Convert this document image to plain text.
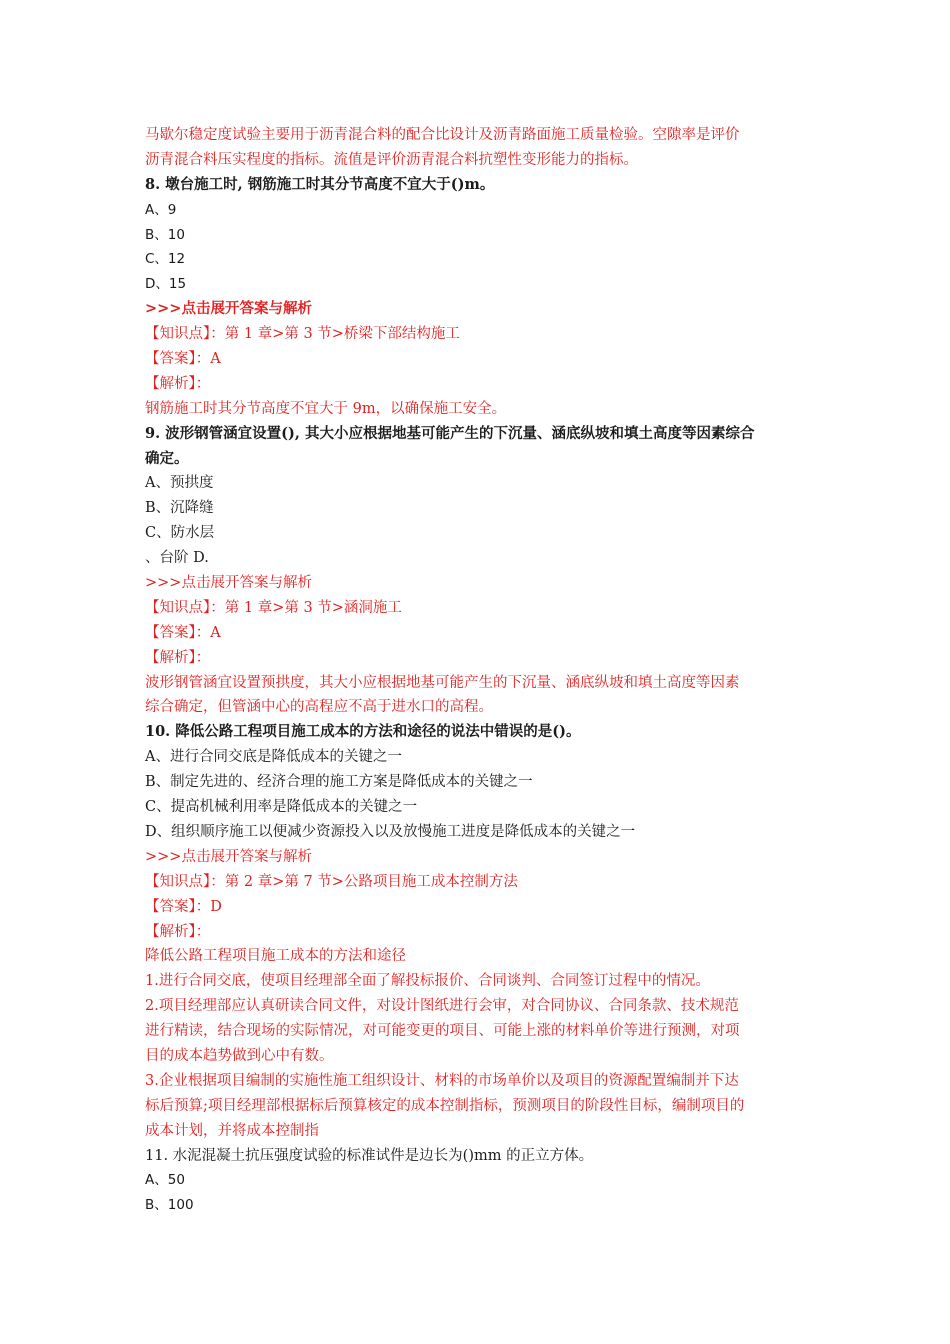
马歇尔稳定度试验主要用于沥青混合料的配合比设计及沥青路面施工质量检验。空隙率是评价
沥青混合料压实程度的指标。流值是评价沥青混合料抗塑性变形能力的指标。
8. 墩台施工时, 钢筋施工时其分节高度不宜大于()m。
A、9
B、10
C、12
D、15
>>>点击展开答案与解析
【知识点】：第 1 章>第 3 节>桥梁下部结构施工
【答案】：A
【解析】：
钢筋施工时其分节高度不宜大于 9m，以确保施工安全。
9. 波形钢管涵宜设置(), 其大小应根据地基可能产生的下沉量、涵底纵坡和填土高度等因素综合
确定。
A、预拱度
B、沉降缝
C、防水层
、台阶 D.
>>>点击展开答案与解析
【知识点】：第 1 章>第 3 节>涵洞施工
【答案】：A
【解析】：
波形钢管涵宜设置预拱度，其大小应根据地基可能产生的下沉量、涵底纵坡和填土高度等因素
综合确定，但管涵中心的高程应不高于进水口的高程。
10. 降低公路工程项目施工成本的方法和途径的说法中错误的是()。
A、进行合同交底是降低成本的关键之一
B、制定先进的、经济合理的施工方案是降低成本的关键之一
C、提高机械利用率是降低成本的关键之一
D、组织顺序施工以便减少资源投入以及放慢施工进度是降低成本的关键之一
>>>点击展开答案与解析
【知识点】：第 2 章>第 7 节>公路项目施工成本控制方法
【答案】：D
【解析】：
降低公路工程项目施工成本的方法和途径
1.进行合同交底，使项目经理部全面了解投标报价、合同谈判、合同签订过程中的情况。
2.项目经理部应认真研读合同文件，对设计图纸进行会审，对合同协议、合同条款、技术规范
进行精读，结合现场的实际情况，对可能变更的项目、可能上涨的材料单价等进行预测，对项
目的成本趋势做到心中有数。
3.企业根据项目编制的实施性施工组织设计、材料的市场单价以及项目的资源配置编制并下达
标后预算;项目经理部根据标后预算核定的成本控制指标，预测项目的阶段性目标，编制项目的
成本计划，并将成本控制指
11. 水泥混凝土抗压强度试验的标准试件是边长为()mm 的正立方体。
A、50
B、100
